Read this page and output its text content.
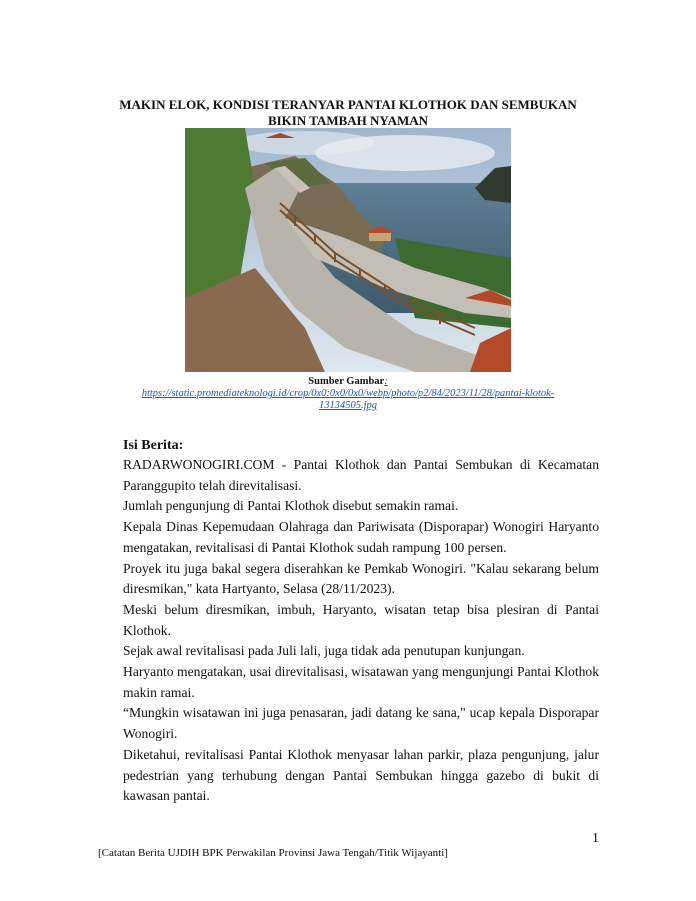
MAKIN ELOK, KONDISI TERANYAR PANTAI KLOTHOK DAN SEMBUKAN
BIKIN TAMBAH NYAMAN
Sumber Gambar:
https://static.promediateknologi.id/crop/0x0:0x0/0x0/webp/photo/p2/84/2023/11/28/pantai-klotok-
13134505.jpg
Isi Berita:

RADARWONOGIRI.COM - Pantai Klothok dan Pantai Sembukan di Kecamatan Paranggupito telah direvitalisasi.

Jumlah pengunjung di Pantai Klothok disebut semakin ramai.

Kepala Dinas Kepemudaan Olahraga dan Pariwisata (Disporapar) Wonogiri Haryanto mengatakan, revitalisasi di Pantai Klothok sudah rampung 100 persen.

Proyek itu juga bakal segera diserahkan ke Pemkab Wonogiri. "Kalau sekarang belum diresmikan," kata Hartyanto, Selasa (28/11/2023).

Meski belum diresmikan, imbuh, Haryanto, wisatan tetap bisa plesiran di Pantai Klothok.

Sejak awal revitalisasi pada Juli lali, juga tidak ada penutupan kunjungan.

Haryanto mengatakan, usai direvitalisasi, wisatawan yang mengunjungi Pantai Klothok makin ramai.

“Mungkin wisatawan ini juga penasaran, jadi datang ke sana," ucap kepala Disporapar Wonogiri.

Diketahui, revitalisasi Pantai Klothok menyasar lahan parkir, plaza pengunjung, jalur pedestrian yang terhubung dengan Pantai Sembukan hingga gazebo di bukit di kawasan pantai.

1
[Catatan Berita UJDIH BPK Perwakilan Provinsi Jawa Tengah/Titik Wijayanti]
